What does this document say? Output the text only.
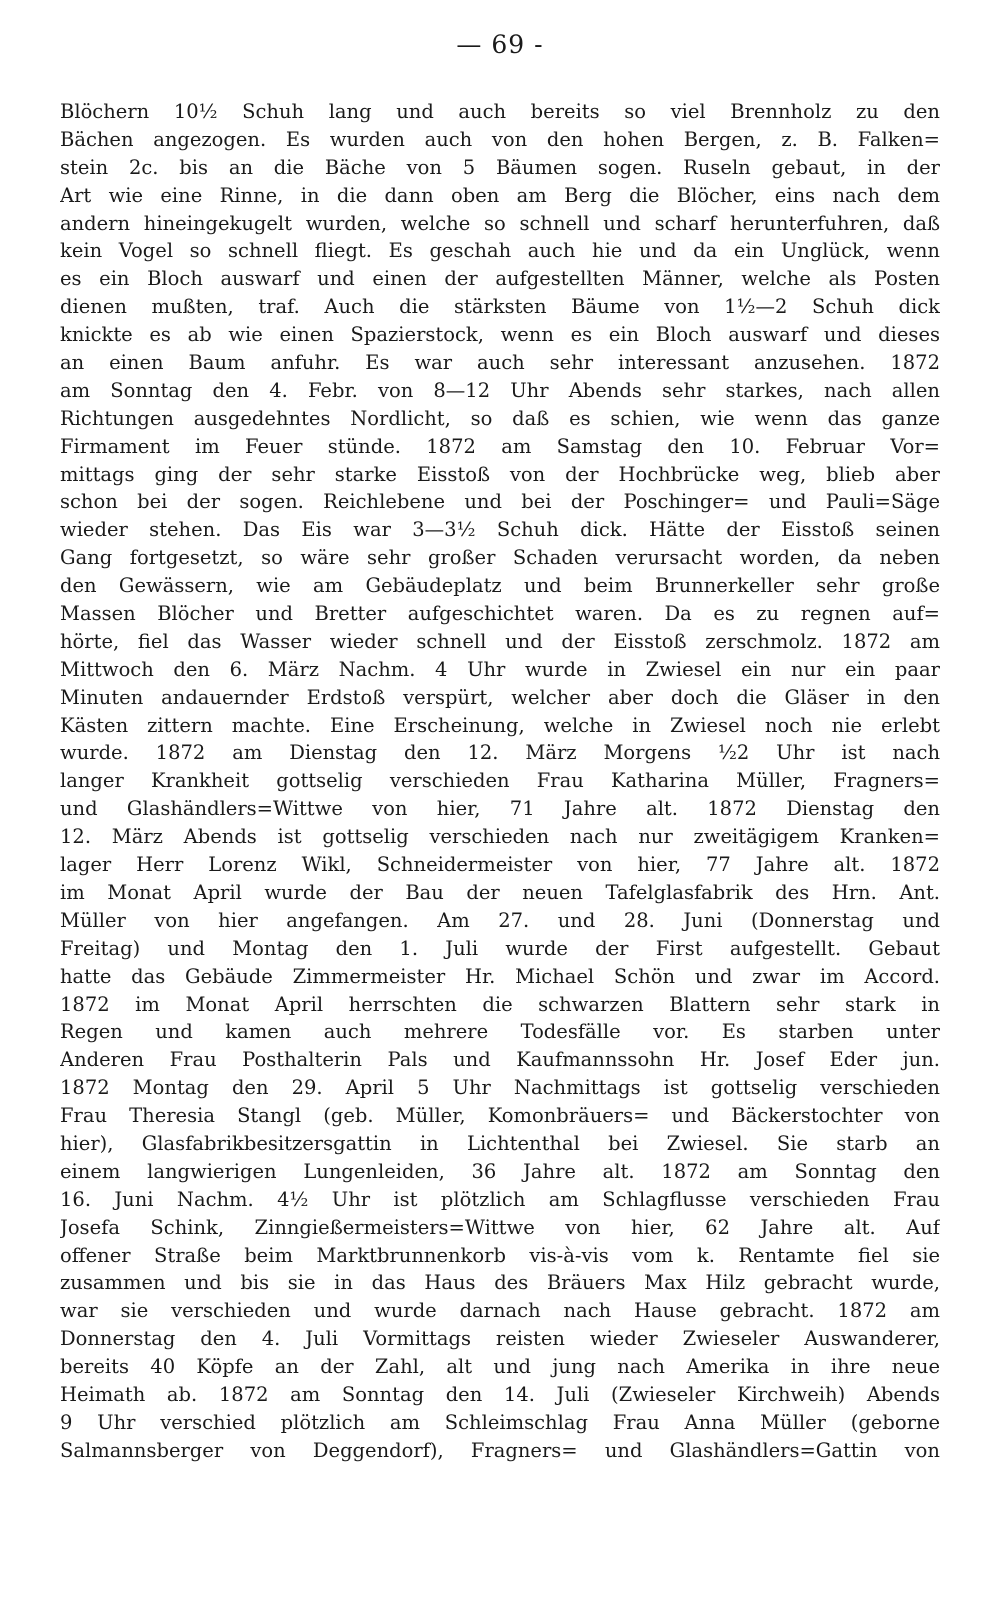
— 69 -
Blöchern 10½ Schuh lang und auch bereits so viel Brennholz zu den
Bächen angezogen. Es wurden auch von den hohen Bergen, z. B. Falken=
stein 2c. bis an die Bäche von 5 Bäumen sogen. Ruseln gebaut, in der
Art wie eine Rinne, in die dann oben am Berg die Blöcher, eins nach dem
andern hineingekugelt wurden, welche so schnell und scharf herunterfuhren, daß
kein Vogel so schnell fliegt. Es geschah auch hie und da ein Unglück, wenn
es ein Bloch auswarf und einen der aufgestellten Männer, welche als Posten
dienen mußten, traf. Auch die stärksten Bäume von 1½—2 Schuh dick
knickte es ab wie einen Spazierstock, wenn es ein Bloch auswarf und dieses
an einen Baum anfuhr. Es war auch sehr interessant anzusehen. 1872
am Sonntag den 4. Febr. von 8—12 Uhr Abends sehr starkes, nach allen
Richtungen ausgedehntes Nordlicht, so daß es schien, wie wenn das ganze
Firmament im Feuer stünde. 1872 am Samstag den 10. Februar Vor=
mittags ging der sehr starke Eisstoß von der Hochbrücke weg, blieb aber
schon bei der sogen. Reichlebene und bei der Poschinger= und Pauli=Säge
wieder stehen. Das Eis war 3—3½ Schuh dick. Hätte der Eisstoß seinen
Gang fortgesetzt, so wäre sehr großer Schaden verursacht worden, da neben
den Gewässern, wie am Gebäudeplatz und beim Brunnerkeller sehr große
Massen Blöcher und Bretter aufgeschichtet waren. Da es zu regnen auf=
hörte, fiel das Wasser wieder schnell und der Eisstoß zerschmolz. 1872 am
Mittwoch den 6. März Nachm. 4 Uhr wurde in Zwiesel ein nur ein paar
Minuten andauernder Erdstoß verspürt, welcher aber doch die Gläser in den
Kästen zittern machte. Eine Erscheinung, welche in Zwiesel noch nie erlebt
wurde. 1872 am Dienstag den 12. März Morgens ½2 Uhr ist nach
langer Krankheit gottselig verschieden Frau Katharina Müller, Fragners=
und Glashändlers=Wittwe von hier, 71 Jahre alt. 1872 Dienstag den
12. März Abends ist gottselig verschieden nach nur zweitägigem Kranken=
lager Herr Lorenz Wikl, Schneidermeister von hier, 77 Jahre alt. 1872
im Monat April wurde der Bau der neuen Tafelglasfabrik des Hrn. Ant.
Müller von hier angefangen. Am 27. und 28. Juni (Donnerstag und
Freitag) und Montag den 1. Juli wurde der First aufgestellt. Gebaut
hatte das Gebäude Zimmermeister Hr. Michael Schön und zwar im Accord.
1872 im Monat April herrschten die schwarzen Blattern sehr stark in
Regen und kamen auch mehrere Todesfälle vor. Es starben unter
Anderen Frau Posthalterin Pals und Kaufmannssohn Hr. Josef Eder jun.
1872 Montag den 29. April 5 Uhr Nachmittags ist gottselig verschieden
Frau Theresia Stangl (geb. Müller, Komonbräuers= und Bäckerstochter von
hier), Glasfabrikbesitzersgattin in Lichtenthal bei Zwiesel. Sie starb an
einem langwierigen Lungenleiden, 36 Jahre alt. 1872 am Sonntag den
16. Juni Nachm. 4½ Uhr ist plötzlich am Schlagflusse verschieden Frau
Josefa Schink, Zinngießermeisters=Wittwe von hier, 62 Jahre alt. Auf
offener Straße beim Marktbrunnenkorb vis-à-vis vom k. Rentamte fiel sie
zusammen und bis sie in das Haus des Bräuers Max Hilz gebracht wurde,
war sie verschieden und wurde darnach nach Hause gebracht. 1872 am
Donnerstag den 4. Juli Vormittags reisten wieder Zwieseler Auswanderer,
bereits 40 Köpfe an der Zahl, alt und jung nach Amerika in ihre neue
Heimath ab. 1872 am Sonntag den 14. Juli (Zwieseler Kirchweih) Abends
9 Uhr verschied plötzlich am Schleimschlag Frau Anna Müller (geborne
Salmannsberger von Deggendorf), Fragners= und Glashändlers=Gattin von
